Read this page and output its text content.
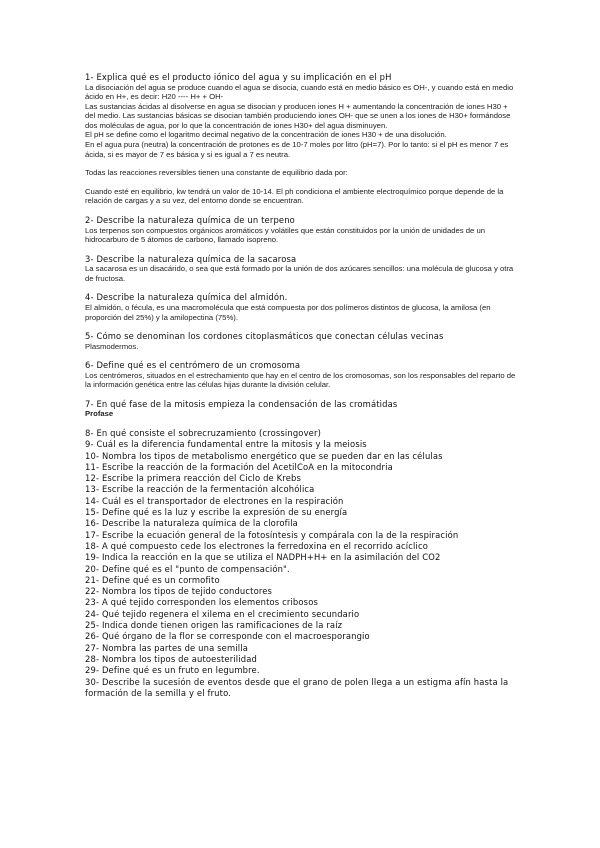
1- Explica qué es el producto iónico del agua y su implicación en el pH

La disociación del agua se produce cuando el agua se disocia, cuando está en medio básico es OH-, y cuando está en medio ácido en H+, es decir: H20 ---- H+ + OH-

Las sustancias ácidas al disolverse en agua se disocian y producen iones H + aumentando la concentración de iones H30 + del medio. Las sustancias básicas se disocian también produciendo iones OH- que se unen a los iones de H30+ formándose dos moléculas de agua, por lo que la concentración de iones H30+ del agua disminuyen.

El pH se define como el logaritmo decimal negativo de la concentración de iones H30 + de una disolución.

En el agua pura (neutra) la concentración de protones es de 10-7 moles por litro (pH=7). Por lo tanto: si el pH es menor 7 es ácida, si es mayor de 7 es básica y si es igual a 7 es neutra.

Todas las reacciones reversibles tienen una constante de equilibrio dada por:

Cuando esté en equilibrio, kw tendrá un valor de 10-14. El ph condiciona el ambiente electroquímico porque depende de la relación de cargas y a su vez, del entorno donde se encuentran.

2- Describe la naturaleza química de un terpeno
Los terpenos son compuestos orgánicos aromáticos y volátiles que están constituidos por la unión de unidades de un hidrocarburo de 5 átomos de carbono, llamado isopreno.
3- Describe la naturaleza química de la sacarosa
La sacarosa es un disacárido, o sea que está formado por la unión de dos azúcares sencillos: una molécula de glucosa y otra de fructosa.
4- Describe la naturaleza química del almidón.
El almidón, o fécula, es una macromolécula que está compuesta por dos polímeros distintos de glucosa, la amilosa (en proporción del 25%) y la amilopectina (75%).
5- Cómo se denominan los cordones citoplasmáticos que conectan células vecinas
Plasmodermos.
6- Define qué es el centrómero de un cromosoma
Los centrómeros, situados en el estrechamiento que hay en el centro de los cromosomas, son los responsables del reparto de la información genética entre las células hijas durante la división celular.
7- En qué fase de la mitosis empieza la condensación de las cromátidas
Profase
8- En qué consiste el sobrecruzamiento (crossingover)
9- Cuál es la diferencia fundamental entre la mitosis y la meiosis
10- Nombra los tipos de metabolismo energético que se pueden dar en las células
11- Escribe la reacción de la formación del AcetilCoA en la mitocondria
12- Escribe la primera reacción del Ciclo de Krebs
13- Escribe la reacción de la fermentación alcohólica
14- Cuál es el transportador de electrones en la respiración
15- Define qué es la luz y escribe la expresión de su energía
16- Describe la naturaleza química de la clorofila
17- Escribe la ecuación general de la fotosíntesis y compárala con la de la respiración
18- A qué compuesto cede los electrones la ferredoxina en el recorrido acíclico
19- Indica la reacción en la que se utiliza el NADPH+H+ en la asimilación del CO2
20- Define qué es el "punto de compensación".
21- Define qué es un cormofito
22- Nombra los tipos de tejido conductores
23- A qué tejido corresponden los elementos cribosos
24- Qué tejido regenera el xilema en el crecimiento secundario
25- Indica donde tienen origen las ramificaciones de la raíz
26- Qué órgano de la flor se corresponde con el macroesporangio
27- Nombra las partes de una semilla
28- Nombra los tipos de autoesterilidad
29- Define qué es un fruto en legumbre.
30- Describe la sucesión de eventos desde que el grano de polen llega a un estigma afín hasta la formación de la semilla y el fruto.
